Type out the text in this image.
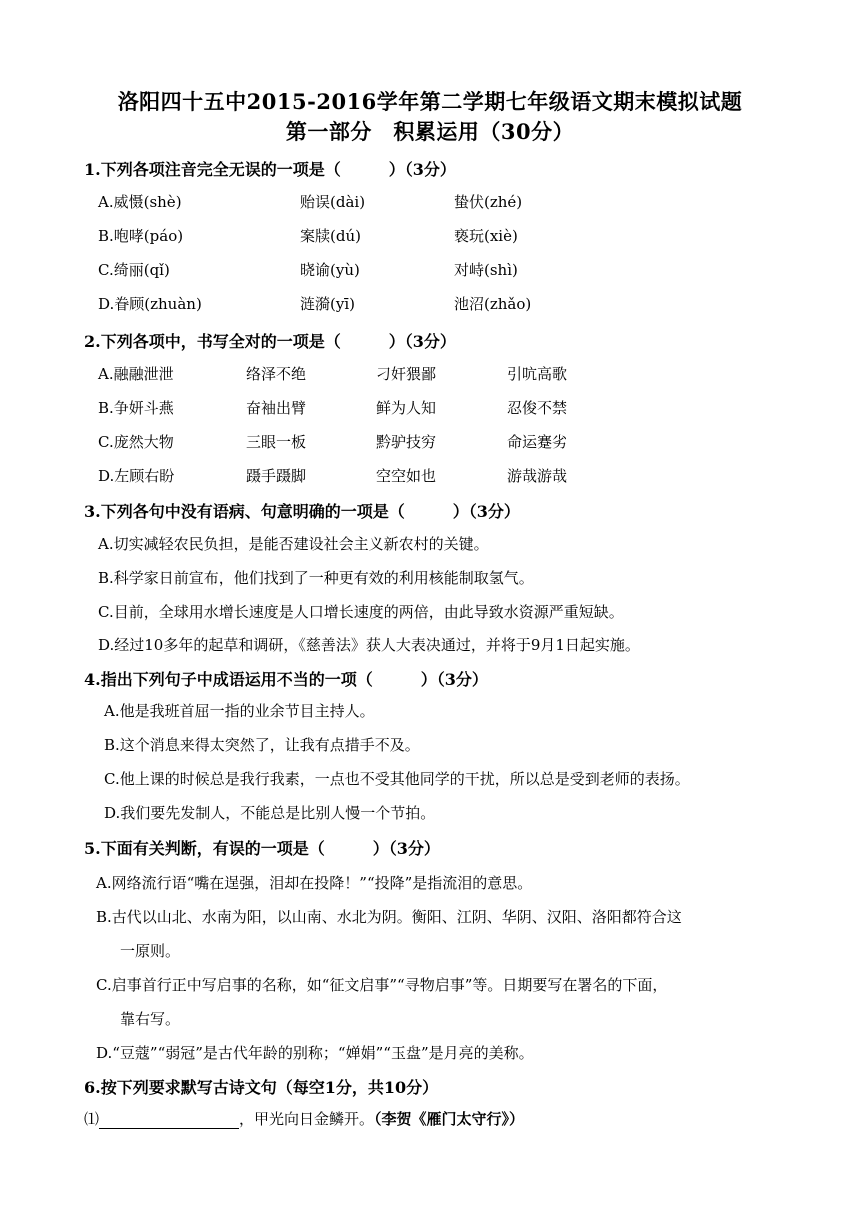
洛阳四十五中2015-2016学年第二学期七年级语文期末模拟试题
第一部分　积累运用（30分）
1.下列各项注音完全无误的一项是（　　　）（3分）
A.威慑(shè)	贻误(dài)	蛰伏(zhé)
B.咆哮(páo)	案牍(dú)	亵玩(xiè)
C.绮丽(qǐ)	晓谕(yù)	对峙(shì)
D.眷顾(zhuàn)	涟漪(yī)	池沼(zhǎo)
2.下列各项中，书写全对的一项是（　　　）（3分）
A.融融泄泄	络泽不绝	刁奸猥鄙	引吭高歌
B.争妍斗燕	奋袖出臂	鲜为人知	忍俊不禁
C.庞然大物	三眼一板	黔驴技穷	命运蹇劣
D.左顾右盼	蹑手蹑脚	空空如也	游哉游哉
3.下列各句中没有语病、句意明确的一项是（　　　）（3分）
A.切实减轻农民负担，是能否建设社会主义新农村的关键。
B.科学家日前宣布，他们找到了一种更有效的利用核能制取氢气。
C.目前，全球用水增长速度是人口增长速度的两倍，由此导致水资源严重短缺。
D.经过10多年的起草和调研，《慈善法》获人大表决通过，并将于9月1日起实施。
4.指出下列句子中成语运用不当的一项（　　　）（3分）
A.他是我班首屈一指的业余节目主持人。
B.这个消息来得太突然了，让我有点措手不及。
C.他上课的时候总是我行我素，一点也不受其他同学的干扰，所以总是受到老师的表扬。
D.我们要先发制人，不能总是比别人慢一个节拍。
5.下面有关判断，有误的一项是（　　　）（3分）
A.网络流行语“嘴在逞强，泪却在投降！”“投降”是指流泪的意思。
B.古代以山北、水南为阳，以山南、水北为阴。衡阳、江阴、华阴、汉阳、洛阳都符合这
一原则。
C.启事首行正中写启事的名称，如“征文启事”“寻物启事”等。日期要写在署名的下面，
靠右写。
D.“豆蔻”“弱冠”是古代年龄的别称；“婵娟”“玉盘”是月亮的美称。
6.按下列要求默写古诗文句（每空1分，共10分）
⑴	，甲光向日金鳞开。（李贺《雁门太守行》）
